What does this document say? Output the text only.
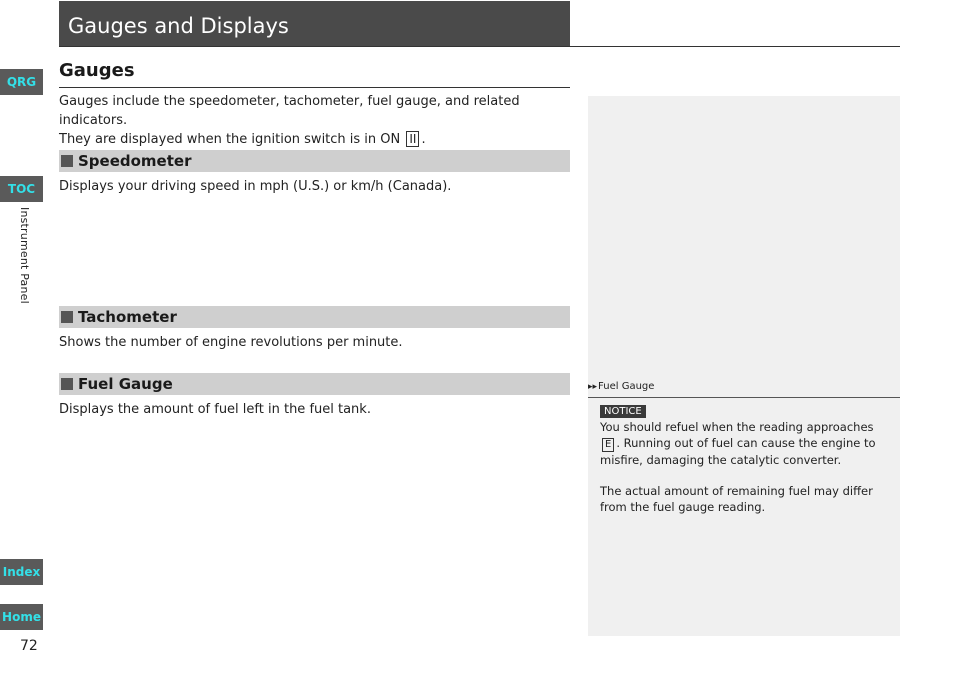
QRG
TOC
Instrument Panel
Index
Home
72
Gauges and Displays
Gauges
Gauges include the speedometer, tachometer, fuel gauge, and related indicators.
They are displayed when the ignition switch is in ON II .
Speedometer
Displays your driving speed in mph (U.S.) or km/h (Canada).
Tachometer
Shows the number of engine revolutions per minute.
Fuel Gauge
Displays the amount of fuel left in the fuel tank.
▸▸Fuel Gauge
NOTICE
You should refuel when the reading approaches E . Running out of fuel can cause the engine to misfire, damaging the catalytic converter.
The actual amount of remaining fuel may differ from the fuel gauge reading.
